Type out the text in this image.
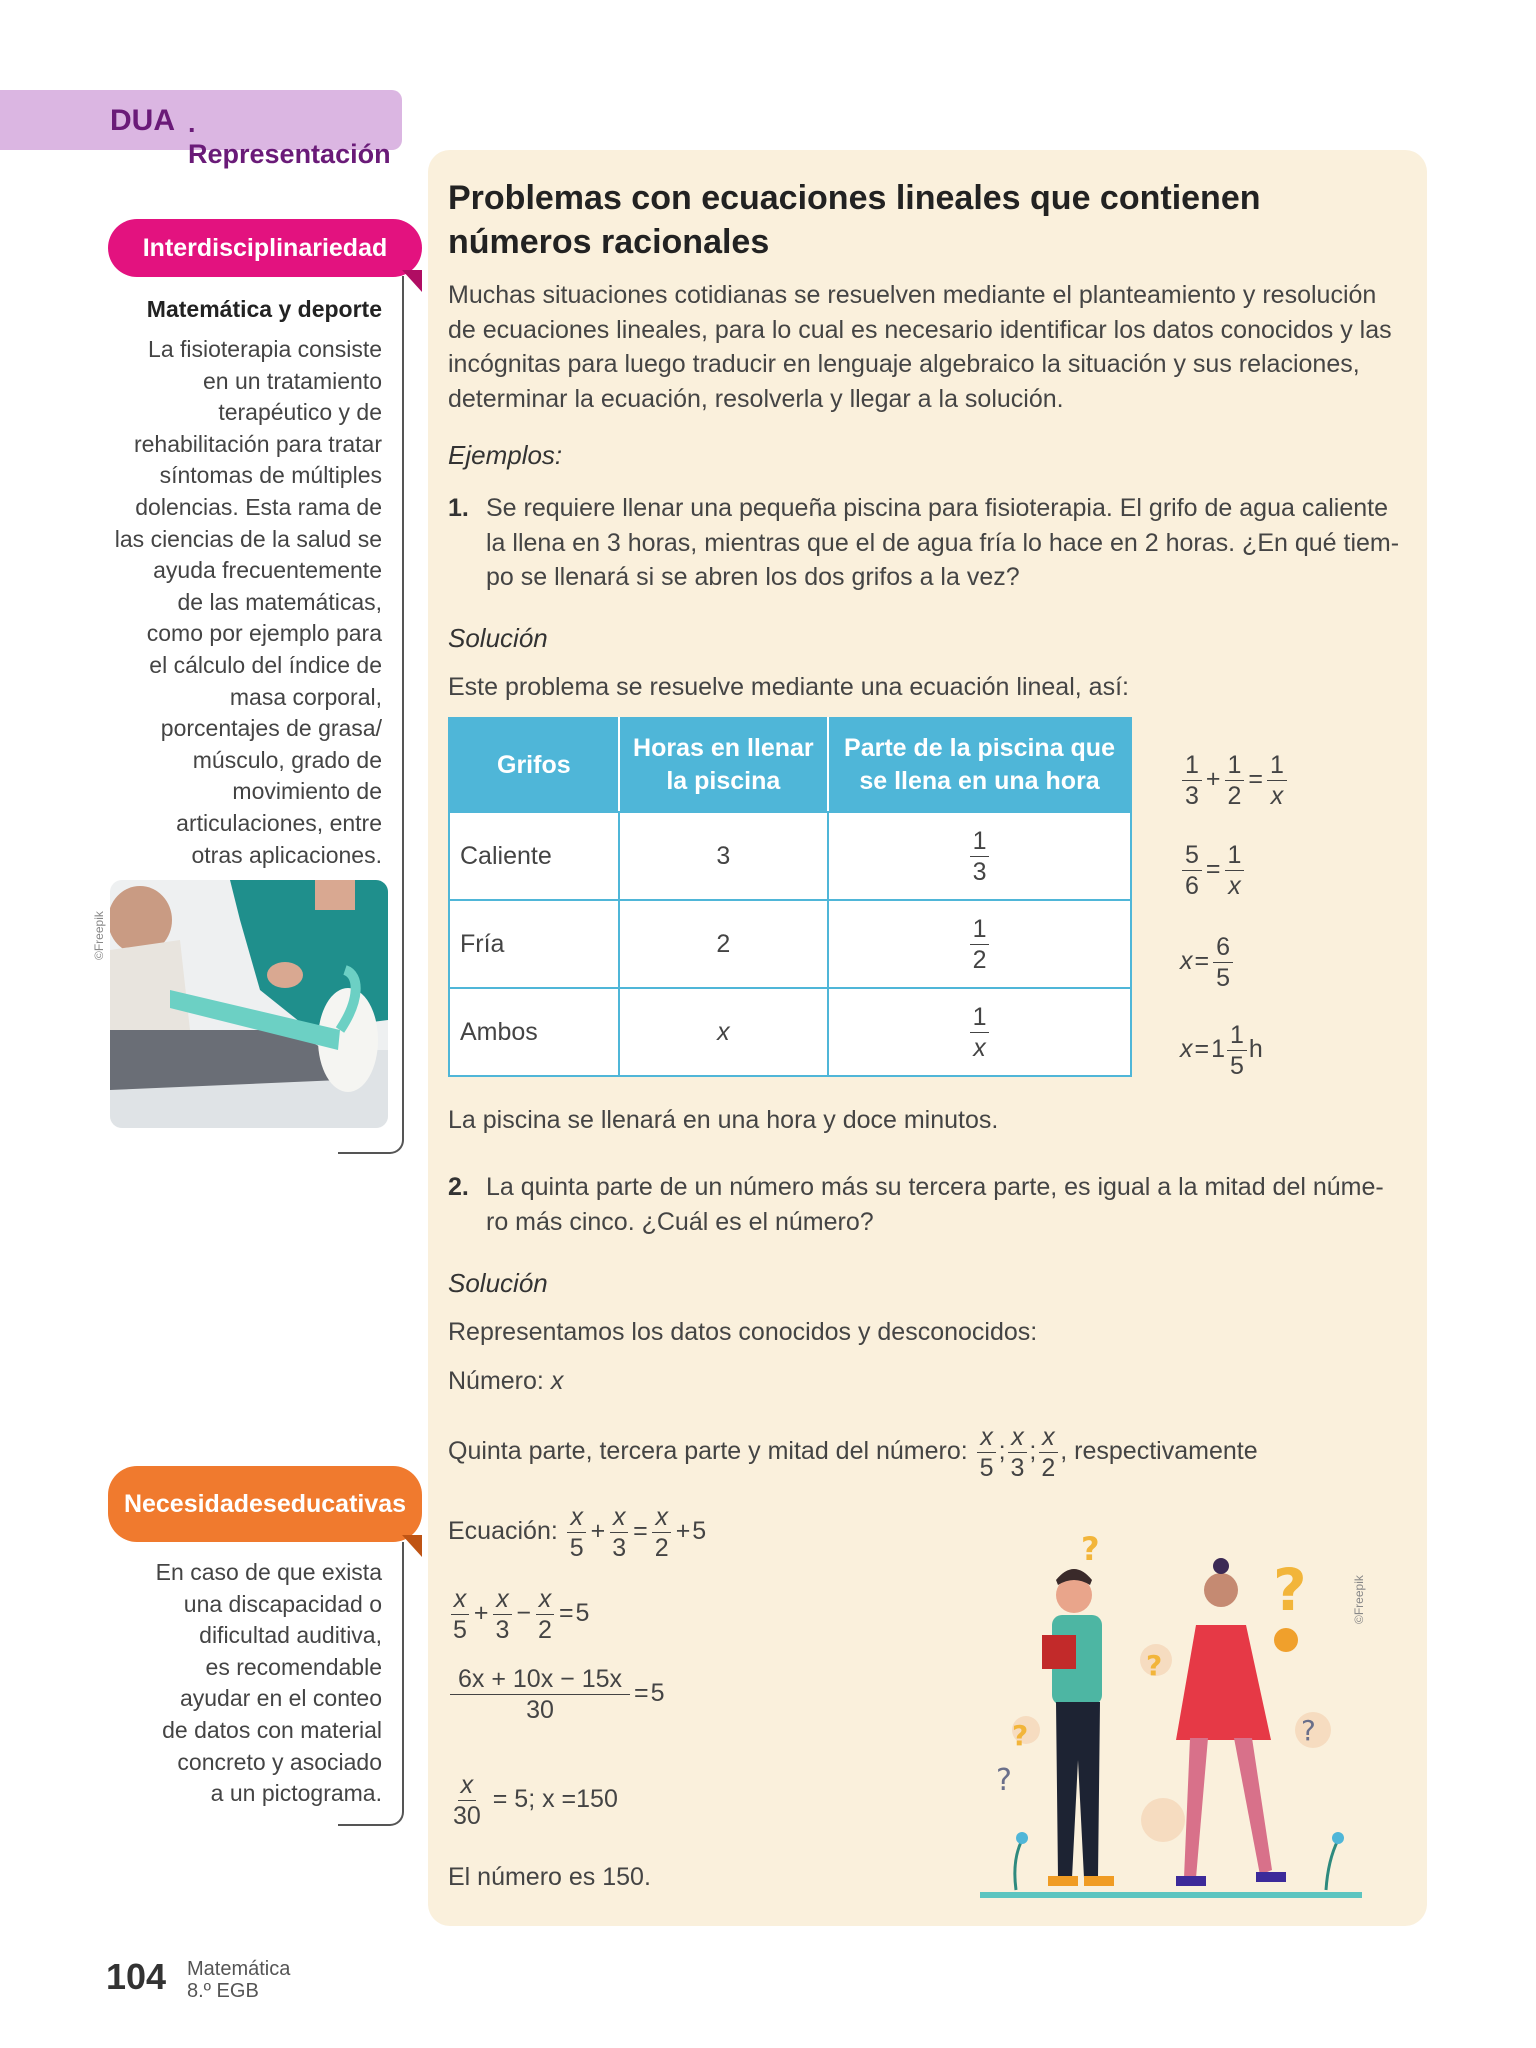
DUA . Representación
Interdisciplinariedad
Matemática y deporte
La fisioterapia consiste
en un tratamiento
terapéutico y de
rehabilitación para tratar
síntomas de múltiples
dolencias. Esta rama de
las ciencias de la salud se
ayuda frecuentemente
de las matemáticas,
como por ejemplo para
el cálculo del índice de
masa corporal,
porcentajes de grasa/
músculo, grado de
movimiento de
articulaciones, entre
otras aplicaciones.
©Freepik
Necesidades educativas
En caso de que exista
una discapacidad o
dificultad auditiva,
es recomendable
ayudar en el conteo
de datos con material
concreto y asociado
a un pictograma.
Problemas con ecuaciones lineales que contienen
números racionales
Muchas situaciones cotidianas se resuelven mediante el planteamiento y resolución
de ecuaciones lineales, para lo cual es necesario identificar los datos conocidos y las
incógnitas para luego traducir en lenguaje algebraico la situación y sus relaciones,
determinar la ecuación, resolverla y llegar a la solución.
Ejemplos:
1. Se requiere llenar una pequeña piscina para fisioterapia. El grifo de agua caliente
la llena en 3 horas, mientras que el de agua fría lo hace en 2 horas. ¿En qué tiem-
po se llenará si se abren los dos grifos a la vez?
Solución
Este problema se resuelve mediante una ecuación lineal, así:
Grifos	Horas en llenar
la piscina	Parte de la piscina que
se llena en una hora

Caliente	3	$\frac{1}{3}$

Fría	2	$\frac{1}{2}$

Ambos	x	$\frac{1}{x}$
$\frac{1}{3} + \frac{1}{2} = \frac{1}{x}$
$\frac{5}{6} = \frac{1}{x}$
$x= \frac{6}{5}$
$x=1 \frac{1}{5}$ h
La piscina se llenará en una hora y doce minutos.
2. La quinta parte de un número más su tercera parte, es igual a la mitad del núme-
ro más cinco. ¿Cuál es el número?
Solución
Representamos los datos conocidos y desconocidos:
Número: x
Quinta parte, tercera parte y mitad del número: $\frac{x}{5}$ ; $\frac{x}{3}$ ; $\frac{x}{2}$ , respectivamente
Ecuación: $\frac{x}{5} + \frac{x}{3} = \frac{x}{2} +5$
$\frac{x}{5} + \frac{x}{3} - \frac{x}{2} =5$
$\frac{6x + 10x - 15x}{30} =5$
$\frac{x}{30} = 5$; x =150
El número es 150.
?
?
?
?
?
?
©Freepik
104 Matemática
8.º EGB
